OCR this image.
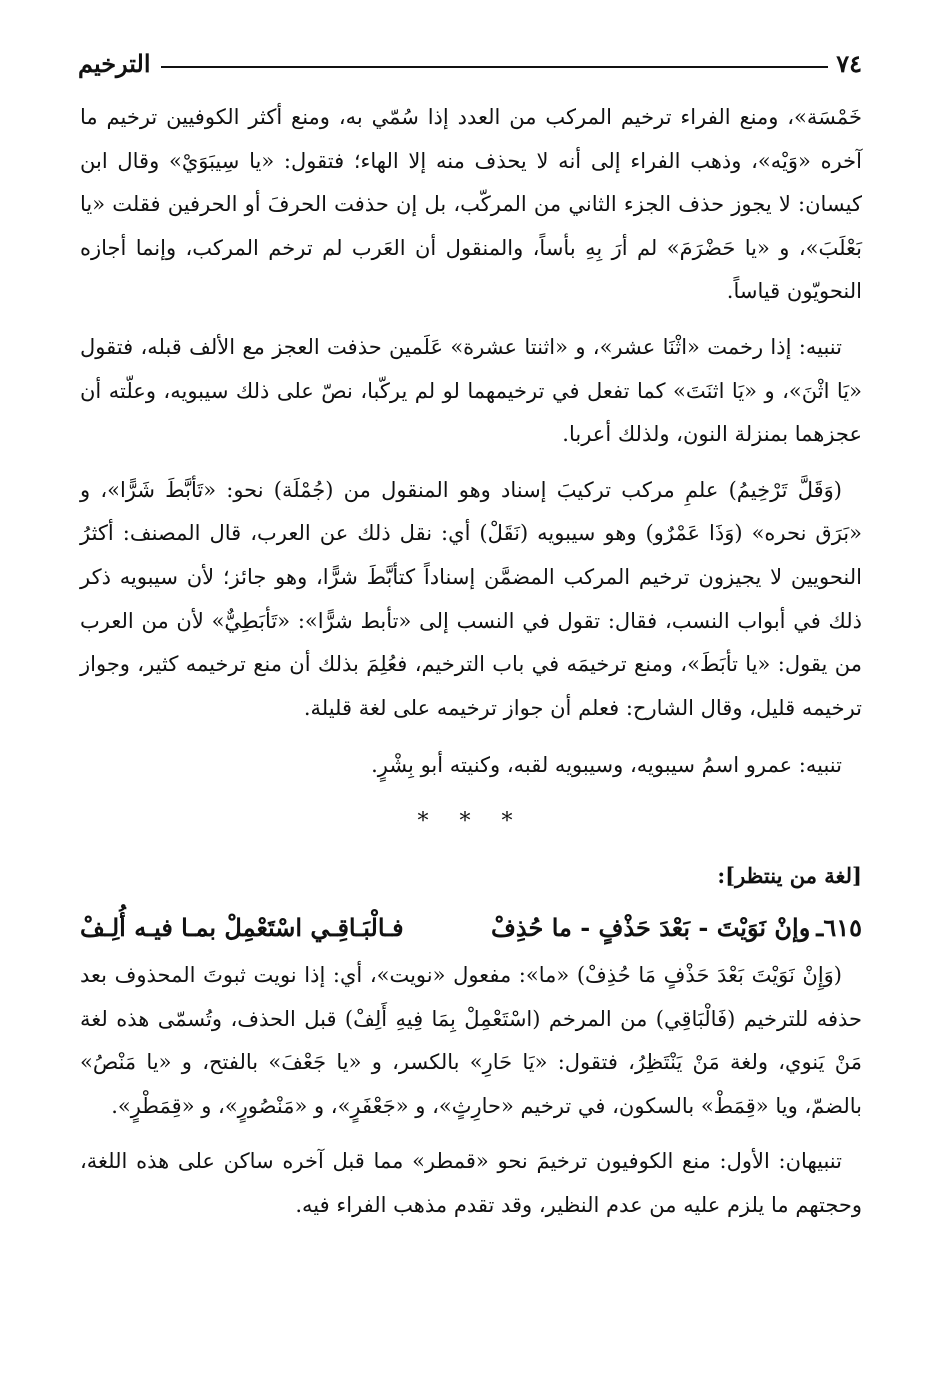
الترخيم	٧٤

خَمْسَة»، ومنع الفراء ترخيم المركب من العدد إذا سُمّي به، ومنع أكثر الكوفيين ترخيم ما آخره «وَيْه»، وذهب الفراء إلى أنه لا يحذف منه إلا الهاء؛ فتقول: «يا سِيبَوَيْ» وقال ابن كيسان: لا يجوز حذف الجزء الثاني من المركّب، بل إن حذفت الحرفَ أو الحرفين فقلت «يا بَعْلَبَ»، و «يا حَضْرَمَ» لم أرَ بِهِ بأساً، والمنقول أن العَرب لم ترخم المركب، وإنما أجازه النحويّون قياساً.

تنبيه: إذا رخمت «اثْنَا عشر»، و «اثنتا عشرة» عَلَمين حذفت العجز مع الألف قبله، فتقول «يَا اثْنَ»، و «يَا اثنَتَ» كما تفعل في ترخيمهما لو لم يركّبا، نصّ على ذلك سيبويه، وعلّته أن عجزهما بمنزلة النون، ولذلك أعربا.

(وَقَلَّ تَرْخِيمُ) علمِ مركب تركيبَ إسناد وهو المنقول من (جُمْلَة) نحو: «تَأبَّطَ شَرًّا»، و «بَرَق نحره» (وَذَا عَمْرٌو) وهو سيبويه (نَقَلْ) أي: نقل ذلك عن العرب، قال المصنف: أكثرُ النحويين لا يجيزون ترخيم المركب المضمَّن إسناداً كتأبَّطَ شرًّا، وهو جائز؛ لأن سيبويه ذكر ذلك في أبواب النسب، فقال: تقول في النسب إلى «تأبط شرًّا»: «تَأبَطِيٌّ» لأن من العرب من يقول: «يا تأبَطَ»، ومنع ترخيمَه في باب الترخيم، فعُلِمَ بذلك أن منع ترخيمه كثير، وجواز ترخيمه قليل، وقال الشارح: فعلم أن جواز ترخيمه على لغة قليلة.

تنبيه: عمرو اسمُ سيبويه، وسيبويه لقبه، وكنيته أبو بِشْرٍ.

* * *

[لغة من ينتظر]:

٦١٥ـ
وإنْ نَوَيْتَ - بَعْدَ حَذْفٍ - ما حُذِفْ
فـالْبَـاقِـي اسْتَعْمِلْ بمـا فيـه أُلِـفْ

(وَإِنْ نَوَيْتَ بَعْدَ حَذْفٍ مَا حُذِفْ) «ما»: مفعول «نويت»، أي: إذا نويت ثبوتَ المحذوف بعد حذفه للترخيم (فَالْبَاقِي) من المرخم (اسْتَعْمِلْ بِمَا فِيهِ أَلِفْ) قبل الحذف، وتُسمّى هذه لغة مَنْ يَنوي، ولغة مَنْ يَنْتَظِرُ، فتقول: «يَا حَارِ» بالكسر، و «يا جَعْفَ» بالفتح، و «يا مَنْصُ» بالضمّ، ويا «قِمَطْ» بالسكون، في ترخيم «حارِثٍ»، و «جَعْفَرٍ»، و «مَنْصُورٍ»، و «قِمَطْرٍ».

تنبيهان: الأول: منع الكوفيون ترخيمَ نحو «قمطر» مما قبل آخره ساكن على هذه اللغة، وحجتهم ما يلزم عليه من عدم النظير، وقد تقدم مذهب الفراء فيه.
